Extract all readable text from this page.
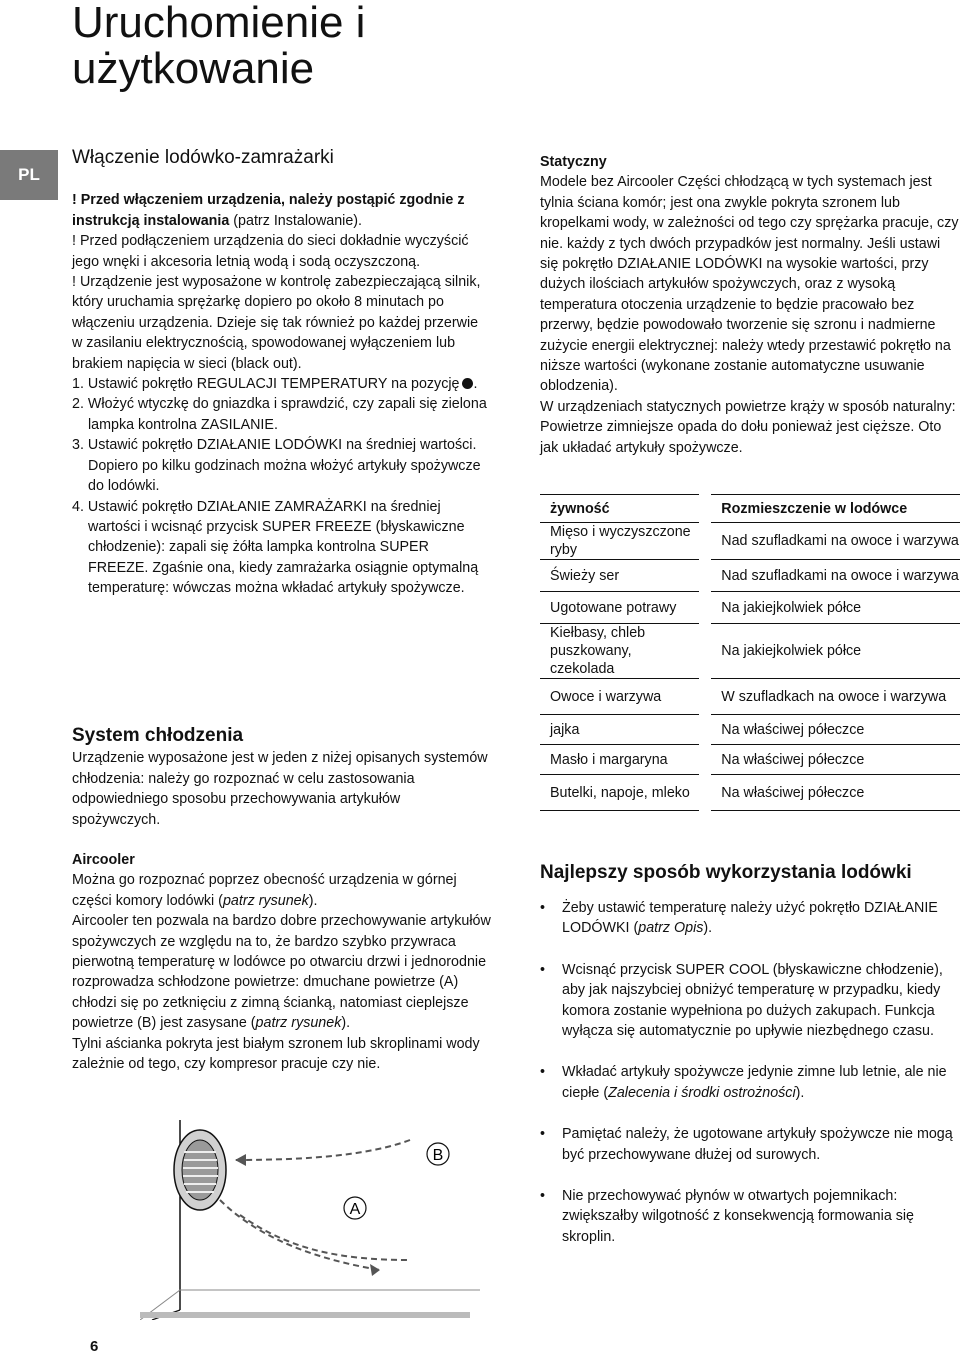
Uruchomienie i
użytkowanie
PL

Włączenie lodówko-zamrażarki

! Przed włączeniem urządzenia, należy postąpić zgodnie z instrukcją instalowania (patrz Instalowanie).

! Przed podłączeniem urządzenia do sieci dokładnie wyczyścić jego wnęki i akcesoria letnią wodą i sodą oczyszczoną.

! Urządzenie jest wyposażone w kontrolę zabezpieczającą silnik, który uruchamia sprężarkę dopiero po około 8 minutach po włączeniu urządzenia. Dzieje się tak również po każdej przerwie w zasilaniu elektrycznością, spowodowanej wyłączeniem lub brakiem napięcia w sieci (black out).

1. Ustawić pokrętło REGULACJI TEMPERATURY na pozycję .

2. Włożyć wtyczkę do gniazdka i sprawdzić, czy zapali się zielona lampka kontrolna ZASILANIE.

3. Ustawić pokrętło DZIAŁANIE LODÓWKI na średniej wartości. Dopiero po kilku godzinach można włożyć artykuły spożywcze do lodówki.

4. Ustawić pokrętło DZIAŁANIE ZAMRAŻARKI na średniej wartości i wcisnąć przycisk SUPER FREEZE (błyskawiczne chłodzenie): zapali się żółta lampka kontrolna SUPER FREEZE. Zgaśnie ona, kiedy zamrażarka osiągnie optymalną temperaturę: wówczas można wkładać artykuły spożywcze.

System chłodzenia

Urządzenie wyposażone jest w jeden z niżej opisanych systemów chłodzenia: należy go rozpoznać w celu zastosowania odpowiedniego sposobu przechowywania artykułów spożywczych.

Aircooler

Można go rozpoznać poprzez obecność urządzenia w górnej części komory lodówki (patrz rysunek).

Aircooler ten pozwala na bardzo dobre przechowywanie artykułów spożywczych ze względu na to, że bardzo szybko przywraca pierwotną temperaturę w lodówce po otwarciu drzwi i jednorodnie rozprowadza schłodzone powietrze: dmuchane powietrze (A) chłodzi się po zetknięciu z zimną ścianką, natomiast cieplejsze powietrze (B) jest zasysane (patrz rysunek).

Tylni aścianka pokryta jest białym szronem lub skroplinami wody zależnie od tego, czy kompresor pracuje czy nie.

A
B

Statyczny

Modele bez Aircooler Części chłodzącą w tych systemach jest tylnia ściana komór; jest ona zwykle pokryta szronem lub kropelkami wody, w zależności od tego czy sprężarka pracuje, czy nie. każdy z tych dwóch przypadków jest normalny. Jeśli ustawi się pokrętło DZIAŁANIE LODÓWKI na wysokie wartości, przy dużych ilościach artykułów spożywczych, oraz z wysoką temperatura otoczenia urządzenie to będzie pracowało bez przerwy, będzie powodowało tworzenie się szronu i nadmierne zużycie energii elektrycznej: należy wtedy przestawić pokrętło na niższe wartości (wykonane zostanie automatyczne usuwanie oblodzenia).

W urządzeniach statycznych powietrze krąży w sposób naturalny: Powietrze zimniejsze opada do dołu ponieważ jest cięższe. Oto jak układać artykuły spożywcze.

żywność		Rozmieszczenie w lodówce
Mięso i wyczyszczone ryby		Nad szufladkami na owoce i warzywa
Świeży ser		Nad szufladkami na owoce i warzywa
Ugotowane potrawy		Na jakiejkolwiek półce
Kiełbasy, chleb puszkowany, czekolada		Na jakiejkolwiek półce
Owoce i warzywa		W szufladkach na owoce i warzywa
jajka		Na właściwej półeczce
Masło i margaryna		Na właściwej półeczce
Butelki, napoje, mleko		Na właściwej półeczce

Najlepszy sposób wykorzystania lodówki

• Żeby ustawić temperaturę należy użyć pokrętło DZIAŁANIE LODÓWKI (patrz Opis).
• Wcisnąć przycisk SUPER COOL (błyskawiczne chłodzenie), aby jak najszybciej obniżyć temperaturę w przypadku, kiedy komora zostanie wypełniona po dużych zakupach. Funkcja wyłącza się automatycznie po upływie niezbędnego czasu.
• Wkładać artykuły spożywcze jedynie zimne lub letnie, ale nie ciepłe (Zalecenia i środki ostrożności).
• Pamiętać należy, że ugotowane artykuły spożywcze nie mogą być przechowywane dłużej od surowych.
• Nie przechowywać płynów w otwartych pojemnikach: zwiększałby wilgotność z konsekwencją formowania się skroplin.
6
